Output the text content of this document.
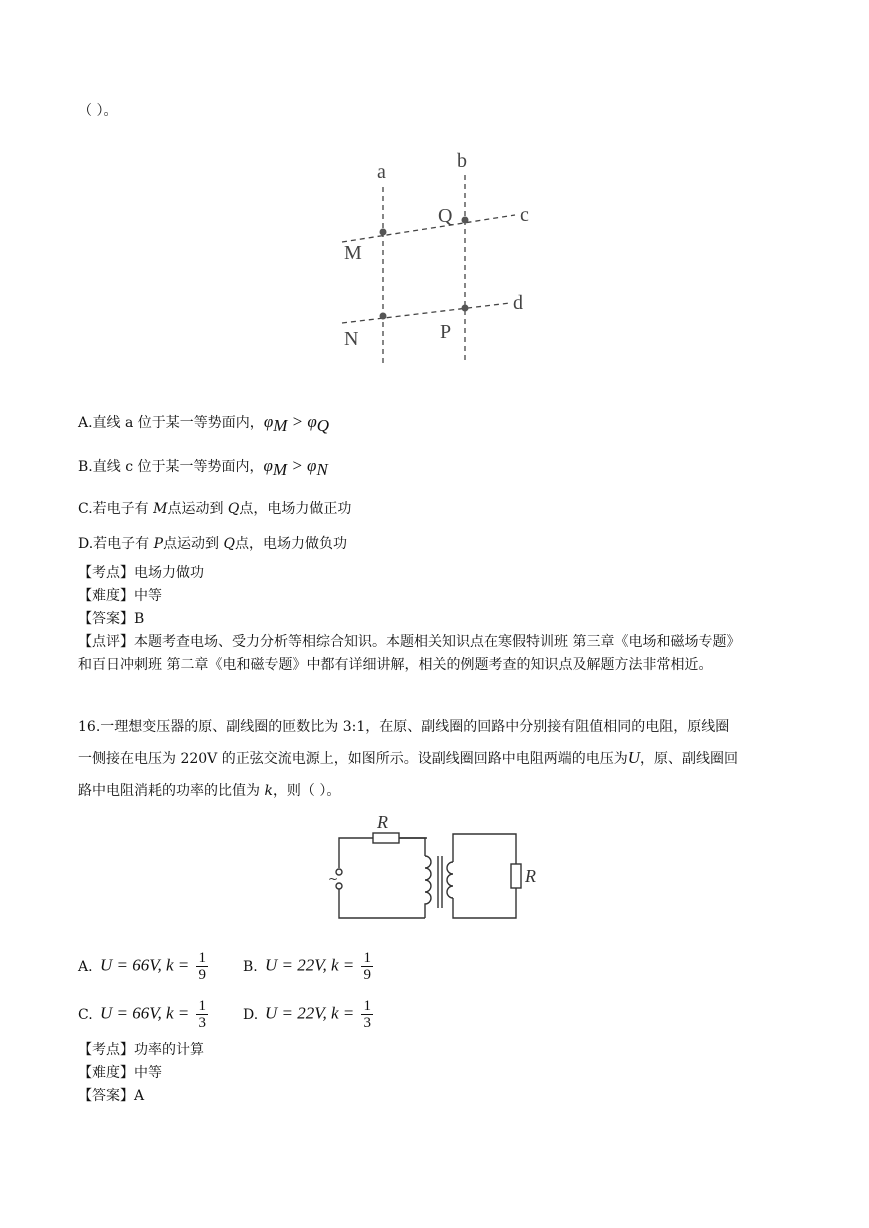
（ ）。
a	b
c
d
M
Q
N	P
A.直线 a 位于某一等势面内，$\varphi_M > \varphi_Q$
B.直线 c 位于某一等势面内，$\varphi_M > \varphi_N$
C.若电子有 M点运动到 Q点，电场力做正功
D.若电子有 P点运动到 Q点，电场力做负功
【考点】电场力做功
【难度】中等
【答案】B
【点评】本题考查电场、受力分析等相综合知识。本题相关知识点在寒假特训班 第三章《电场和磁场专题》
和百日冲刺班 第二章《电和磁专题》中都有详细讲解，相关的例题考查的知识点及解题方法非常相近。
16.一理想变压器的原、副线圈的匝数比为 3:1，在原、副线圈的回路中分别接有阻值相同的电阻，原线圈
一侧接在电压为 220V 的正弦交流电源上，如图所示。设副线圈回路中电阻两端的电压为U，原、副线圈回
路中电阻消耗的功率的比值为 k，则（ ）。
R
R
~
A. U = 66V, $k = \frac{1}{9}$	B. U = 22V, $k = \frac{1}{9}$
C. U = 66V, $k = \frac{1}{3}$	D. U = 22V, $k = \frac{1}{3}$
【考点】功率的计算
【难度】中等
【答案】A
